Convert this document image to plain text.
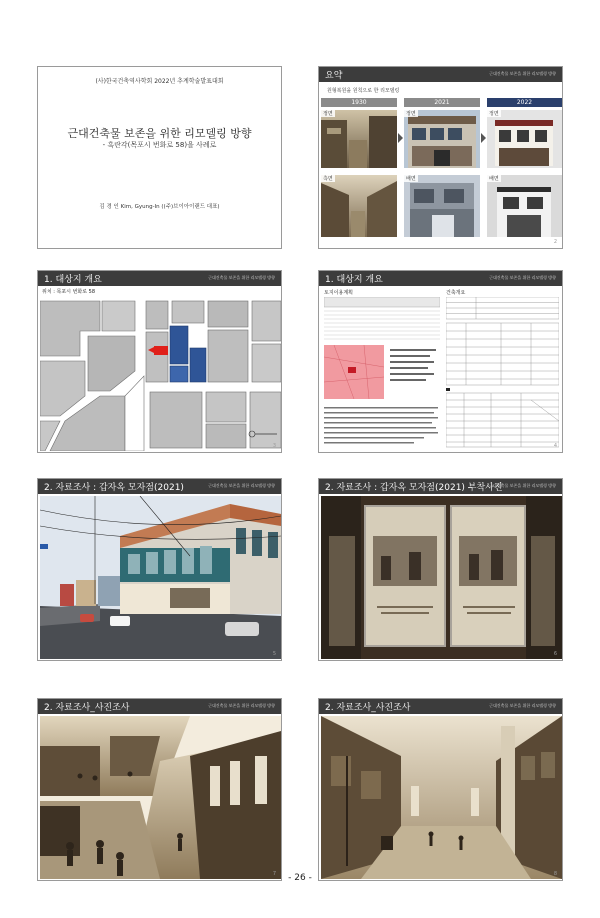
(사)한국건축역사학회 2022년 추계학술발표대회
근대건축물 보존을 위한 리모델링 방향
- 흑란각(목포시 번화로 58)을 사례로
김 경 인 Kim, Gyung-In ((주)브이아이랜드 대표)
요약	근대건축물 보존을 위한 리모델링 방향
원형복원을 원칙으로 한 리모델링
1930	2021	2022
정면	정면	정면
측면	배면	배면
2
1. 대상지 개요	근대건축물 보존을 위한 리모델링 방향
위치 : 목포시 번화로 58
3
1. 대상지 개요	근대건축물 보존을 위한 리모델링 방향
토지이용계획	건축개요
4
2. 자료조사 : 갑자옥 모자점(2021)	근대건축물 보존을 위한 리모델링 방향
5
2. 자료조사 : 갑자옥 모자점(2021) 부착사진
근대건축물 보존을 위한 리모델링 방향
6
2. 자료조사_사진조사	근대건축물 보존을 위한 리모델링 방향
7
2. 자료조사_사진조사	근대건축물 보존을 위한 리모델링 방향
8
- 26 -
